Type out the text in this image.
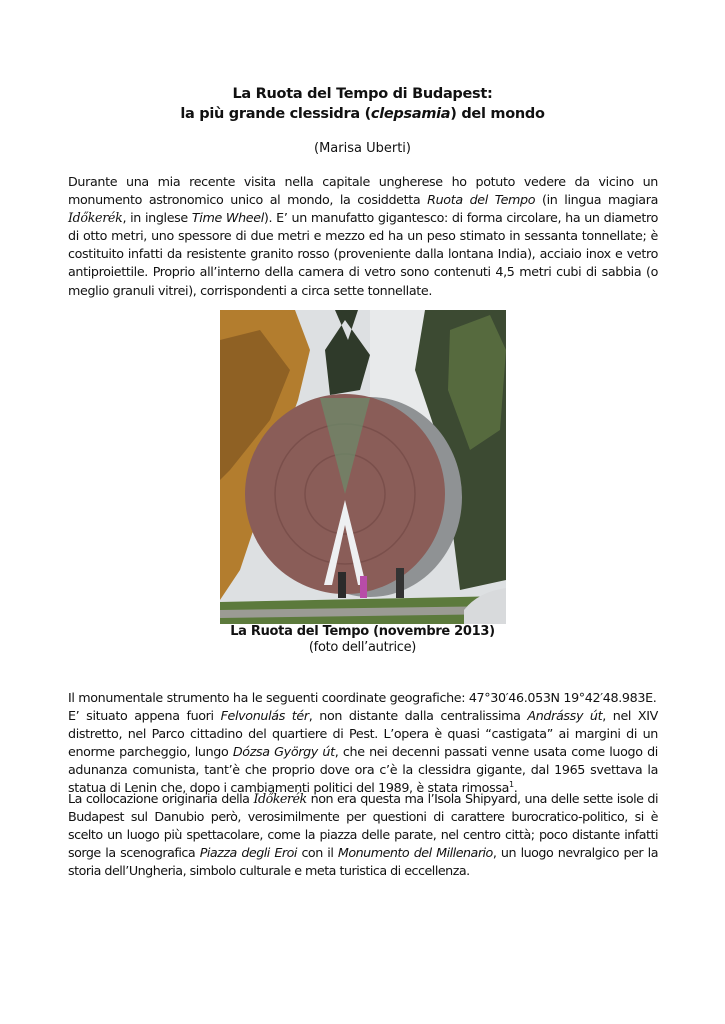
La Ruota del Tempo di Budapest:
la più grande clessidra (clepsamia) del mondo
(Marisa Uberti)

Durante una mia recente visita nella capitale ungherese ho potuto vedere da vicino un monumento astronomico unico al mondo, la cosiddetta Ruota del Tempo (in lingua magiara Időkerék, in inglese Time Wheel). E’ un manufatto gigantesco: di forma circolare, ha un diametro di otto metri, uno spessore di due metri e mezzo ed ha un peso stimato in sessanta tonnellate; è costituito infatti da resistente granito rosso (proveniente dalla lontana India), acciaio inox e vetro antiproiettile. Proprio all’interno della camera di vetro sono contenuti 4,5 metri cubi di sabbia (o meglio granuli vitrei), corrispondenti a circa sette tonnellate.

La Ruota del Tempo (novembre 2013)
(foto dell’autrice)

Il monumentale strumento ha le seguenti coordinate geografiche: 47°30′46.053N 19°42′48.983E.
E’ situato appena fuori Felvonulás tér, non distante dalla centralissima Andrássy út, nel XIV distretto, nel Parco cittadino del quartiere di Pest. L’opera è quasi “castigata” ai margini di un enorme parcheggio, lungo Dózsa György út, che nei decenni passati venne usata come luogo di adunanza comunista, tant’è che proprio dove ora c’è la clessidra gigante, dal 1965 svettava la statua di Lenin che, dopo i cambiamenti politici del 1989, è stata rimossa$^1$.

La collocazione originaria della Időkerék non era questa ma l’Isola Shipyard, una delle sette isole di Budapest sul Danubio però, verosimilmente per questioni di carattere burocratico-politico, si è scelto un luogo più spettacolare, come la piazza delle parate, nel centro città; poco distante infatti sorge la scenografica Piazza degli Eroi con il Monumento del Millenario, un luogo nevralgico per la storia dell’Ungheria, simbolo culturale e meta turistica di eccellenza.
